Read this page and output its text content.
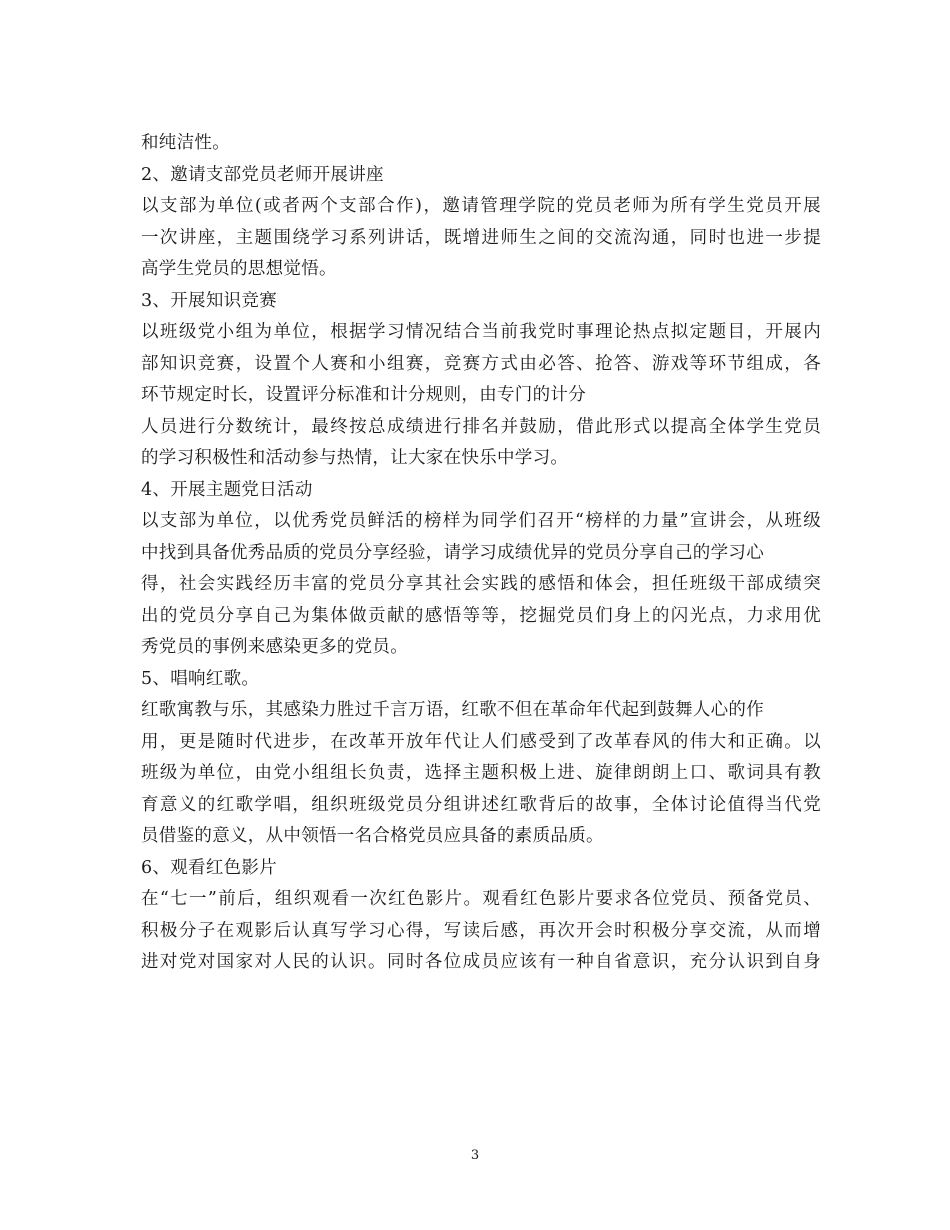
和纯洁性。

2、邀请支部党员老师开展讲座

以支部为单位(或者两个支部合作)，邀请管理学院的党员老师为所有学生党员开展

一次讲座，主题围绕学习系列讲话，既增进师生之间的交流沟通，同时也进一步提

高学生党员的思想觉悟。

3、开展知识竞赛

以班级党小组为单位，根据学习情况结合当前我党时事理论热点拟定题目，开展内

部知识竞赛，设置个人赛和小组赛，竞赛方式由必答、抢答、游戏等环节组成，各

环节规定时长，设置评分标准和计分规则，由专门的计分

人员进行分数统计，最终按总成绩进行排名并鼓励，借此形式以提高全体学生党员

的学习积极性和活动参与热情，让大家在快乐中学习。

4、开展主题党日活动

以支部为单位，以优秀党员鲜活的榜样为同学们召开“榜样的力量”宣讲会，从班级

中找到具备优秀品质的党员分享经验，请学习成绩优异的党员分享自己的学习心

得，社会实践经历丰富的党员分享其社会实践的感悟和体会，担任班级干部成绩突

出的党员分享自己为集体做贡献的感悟等等，挖掘党员们身上的闪光点，力求用优

秀党员的事例来感染更多的党员。

5、唱响红歌。

红歌寓教与乐，其感染力胜过千言万语，红歌不但在革命年代起到鼓舞人心的作

用，更是随时代进步，在改革开放年代让人们感受到了改革春风的伟大和正确。以

班级为单位，由党小组组长负责，选择主题积极上进、旋律朗朗上口、歌词具有教

育意义的红歌学唱，组织班级党员分组讲述红歌背后的故事，全体讨论值得当代党

员借鉴的意义，从中领悟一名合格党员应具备的素质品质。

6、观看红色影片

在“七一”前后，组织观看一次红色影片。观看红色影片要求各位党员、预备党员、

积极分子在观影后认真写学习心得，写读后感，再次开会时积极分享交流，从而增

进对党对国家对人民的认识。同时各位成员应该有一种自省意识，充分认识到自身

3
